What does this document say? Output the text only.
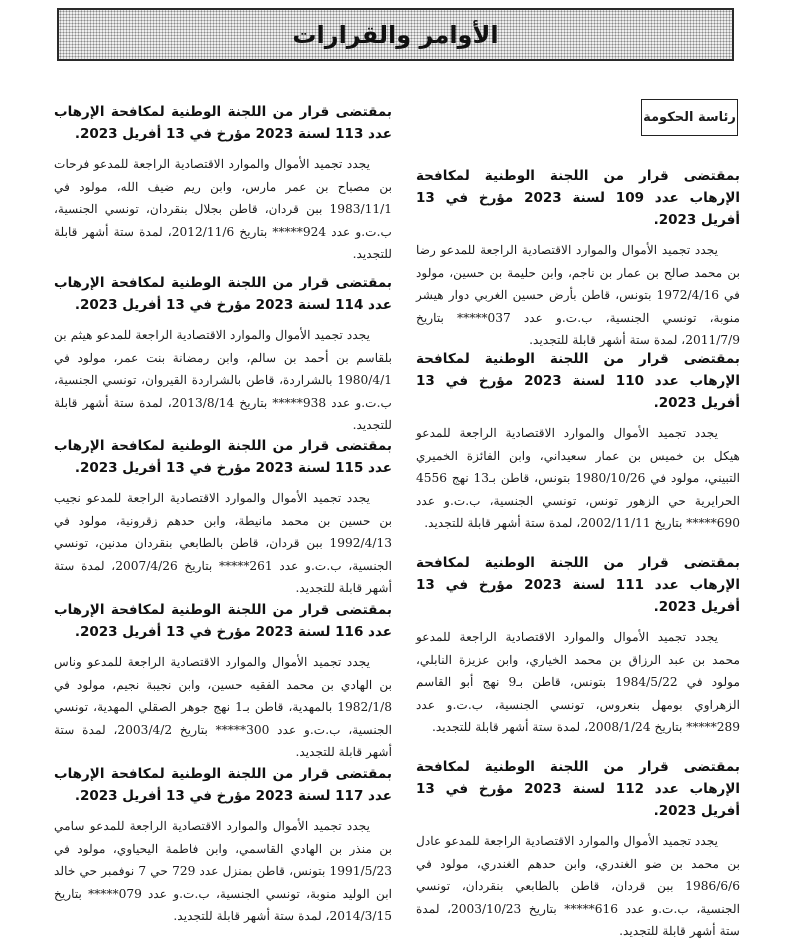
الأوامر والقرارات
رئاسة الحكومة
بمقتضى قرار من اللجنة الوطنية لمكافحة الإرهاب عدد 109 لسنة 2023 مؤرخ في 13 أفريل 2023.

يجدد تجميد الأموال والموارد الاقتصادية الراجعة للمدعو رضا بن محمد صالح بن عمار بن ناجم، وابن حليمة بن حسين، مولود في 1972/4/16 بتونس، قاطن بأرض حسين الغربي دوار هيشر منوبة، تونسي الجنسية، ب.ت.و عدد 037***** بتاريخ 2011/7/9، لمدة ستة أشهر قابلة للتجديد.

بمقتضى قرار من اللجنة الوطنية لمكافحة الإرهاب عدد 110 لسنة 2023 مؤرخ في 13 أفريل 2023.

يجدد تجميد الأموال والموارد الاقتصادية الراجعة للمدعو هيكل بن خميس بن عمار سعيداني، وابن الفائزة الخميري التبيني، مولود في 1980/10/26 بتونس، قاطن بـ13 نهج 4556 الحرايرية حي الزهور تونس، تونسي الجنسية، ب.ت.و عدد 690***** بتاريخ 2002/11/11، لمدة ستة أشهر قابلة للتجديد.

بمقتضى قرار من اللجنة الوطنية لمكافحة الإرهاب عدد 111 لسنة 2023 مؤرخ في 13 أفريل 2023.

يجدد تجميد الأموال والموارد الاقتصادية الراجعة للمدعو محمد بن عبد الرزاق بن محمد الخياري، وابن عزيزة النابلي، مولود في 1984/5/22 بتونس، قاطن بـ9 نهج أبو القاسم الزهراوي بومهل بنعروس، تونسي الجنسية، ب.ت.و عدد 289***** بتاريخ 2008/1/24، لمدة ستة أشهر قابلة للتجديد.

بمقتضى قرار من اللجنة الوطنية لمكافحة الإرهاب عدد 112 لسنة 2023 مؤرخ في 13 أفريل 2023.

يجدد تجميد الأموال والموارد الاقتصادية الراجعة للمدعو عادل بن محمد بن ضو الغندري، وابن حدهم الغندري، مولود في 1986/6/6 ببن قردان، قاطن بالطابعي بنقردان، تونسي الجنسية، ب.ت.و عدد 616***** بتاريخ 2003/10/23، لمدة ستة أشهر قابلة للتجديد.

بمقتضى قرار من اللجنة الوطنية لمكافحة الإرهاب عدد 113 لسنة 2023 مؤرخ في 13 أفريل 2023.

يجدد تجميد الأموال والموارد الاقتصادية الراجعة للمدعو فرحات بن مصباح بن عمر مارس، وابن ريم ضيف الله، مولود في 1983/11/1 ببن قردان، قاطن بجلال بنقردان، تونسي الجنسية، ب.ت.و عدد 924***** بتاريخ 2012/11/6، لمدة ستة أشهر قابلة للتجديد.

بمقتضى قرار من اللجنة الوطنية لمكافحة الإرهاب عدد 114 لسنة 2023 مؤرخ في 13 أفريل 2023.

يجدد تجميد الأموال والموارد الاقتصادية الراجعة للمدعو هيثم بن بلقاسم بن أحمد بن سالم، وابن رمضانة بنت عمر، مولود في 1980/4/1 بالشراردة، قاطن بالشراردة القيروان، تونسي الجنسية، ب.ت.و عدد 938***** بتاريخ 2013/8/14، لمدة ستة أشهر قابلة للتجديد.

بمقتضى قرار من اللجنة الوطنية لمكافحة الإرهاب عدد 115 لسنة 2023 مؤرخ في 13 أفريل 2023.

يجدد تجميد الأموال والموارد الاقتصادية الراجعة للمدعو نجيب بن حسين بن محمد مانيطة، وابن حدهم زقرونية، مولود في 1992/4/13 ببن قردان، قاطن بالطابعي بنقردان مدنين، تونسي الجنسية، ب.ت.و عدد 261***** بتاريخ 2007/4/26، لمدة ستة أشهر قابلة للتجديد.

بمقتضى قرار من اللجنة الوطنية لمكافحة الإرهاب عدد 116 لسنة 2023 مؤرخ في 13 أفريل 2023.

يجدد تجميد الأموال والموارد الاقتصادية الراجعة للمدعو وناس بن الهادي بن محمد الفقيه حسين، وابن نجيبة نجيم، مولود في 1982/1/8 بالمهدية، قاطن بـ1 نهج جوهر الصقلي المهدية، تونسي الجنسية، ب.ت.و عدد 300***** بتاريخ 2003/4/2، لمدة ستة أشهر قابلة للتجديد.

بمقتضى قرار من اللجنة الوطنية لمكافحة الإرهاب عدد 117 لسنة 2023 مؤرخ في 13 أفريل 2023.

يجدد تجميد الأموال والموارد الاقتصادية الراجعة للمدعو سامي بن منذر بن الهادي القاسمي، وابن فاطمة اليحياوي، مولود في 1991/5/23 بتونس، قاطن بمنزل عدد 729 حي 7 نوفمبر حي خالد ابن الوليد منوبة، تونسي الجنسية، ب.ت.و عدد 079***** بتاريخ 2014/3/15، لمدة ستة أشهر قابلة للتجديد.
